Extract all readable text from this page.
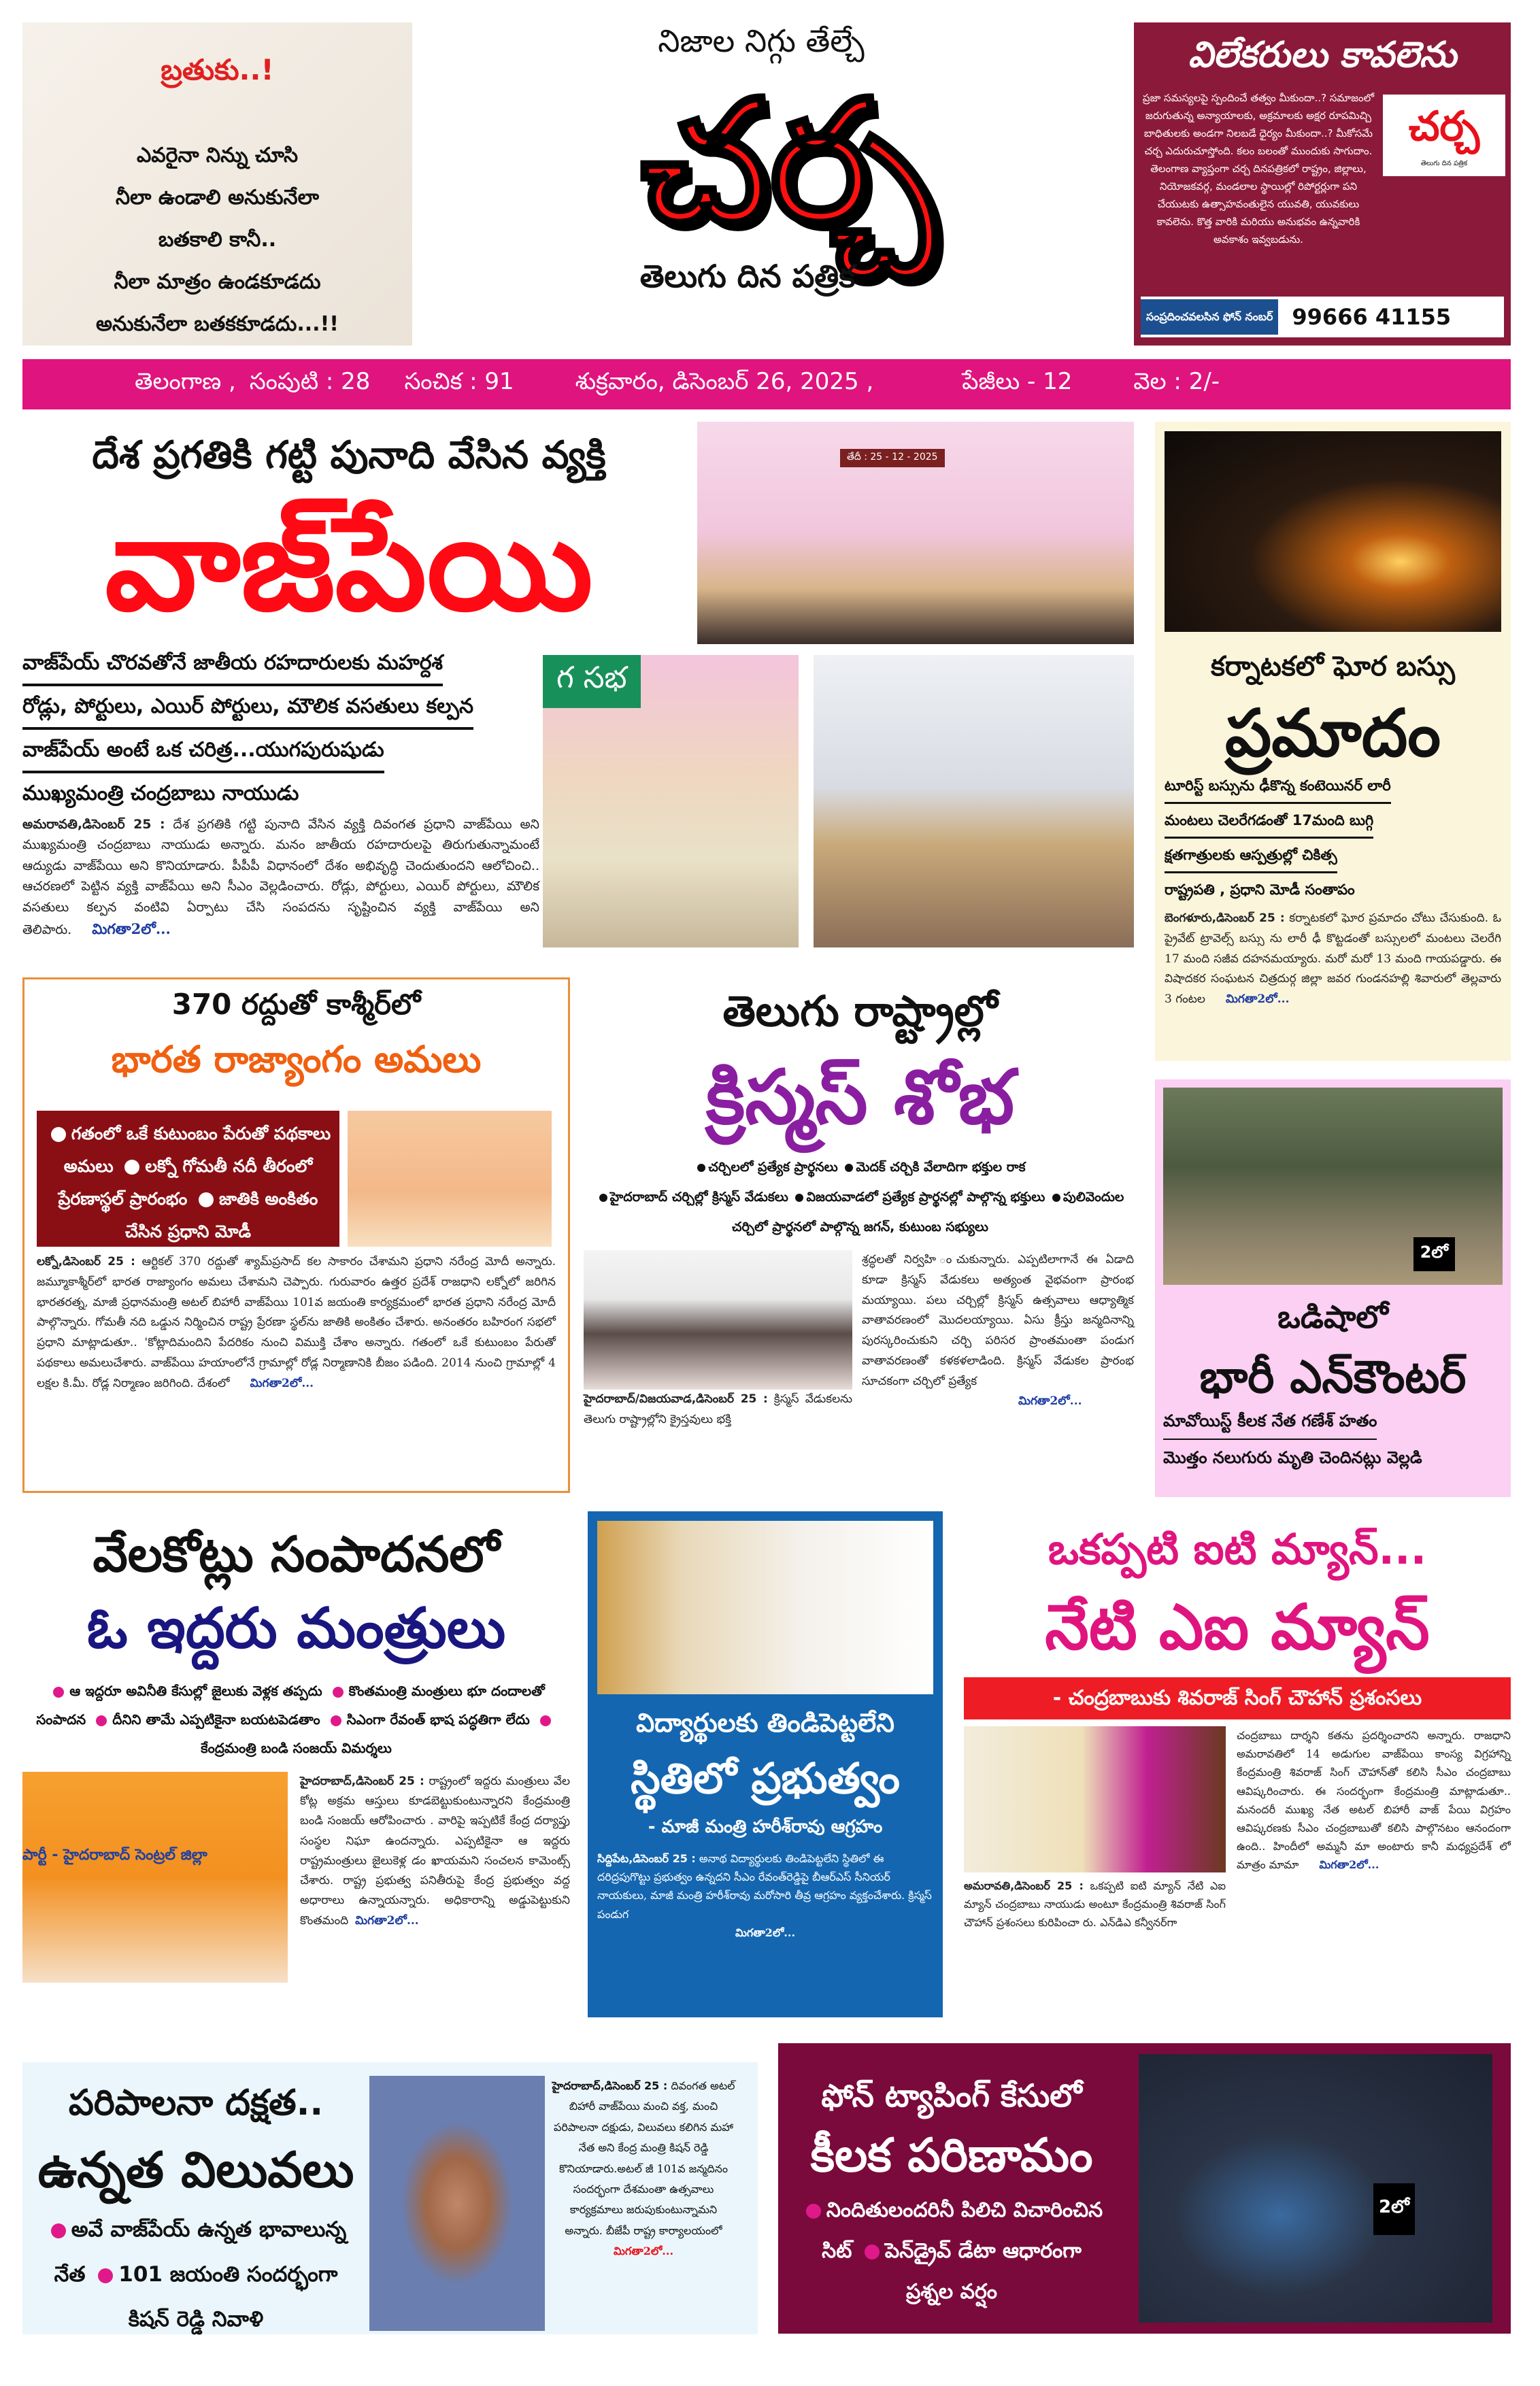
బ్రతుకు..!
ఎవరైనా నిన్ను చూసి
నీలా ఉండాలి అనుకునేలా
బతకాలి కానీ..
నీలా మాత్రం ఉండకూడదు
అనుకునేలా బతకకూడదు...!!
నిజాల నిగ్గు తేల్చే
చర్చ
తెలుగు దిన పత్రిక
విలేకరులు కావలెను
ప్రజా సమస్యలపై స్పందించే తత్వం మీకుందా..? సమాజంలో జరుగుతున్న అన్యాయాలకు, అక్రమాలకు అక్షర రూపమిచ్చి బాధితులకు అండగా నిలబడే ధైర్యం మీకుందా..? మీకోసమే చర్చ ఎదురుచూస్తోంది. కలం బలంతో ముందుకు సాగుదాం. తెలంగాణ వ్యాప్తంగా చర్చ దినపత్రికలో రాష్ట్రం, జిల్లాలు, నియోజకవర్గ, మండలాల స్థాయిల్లో రిపోర్టర్లుగా పని చేయుటకు ఉత్సాహవంతులైన యువతి, యువకులు కావలెను. కొత్త వారికి మరియు అనుభవం ఉన్నవారికి అవకాశం ఇవ్వబడును.
చర్చ
తెలుగు దిన పత్రిక
సంప్రదించవలసిన ఫోన్ నంబర్ 99666 41155
తెలంగాణ , సంపుటి : 28 సంచిక : 91	శుక్రవారం, డిసెంబర్ 26, 2025 ,	పేజీలు - 12	వెల : 2/-
దేశ ప్రగతికి గట్టి పునాది వేసిన వ్యక్తి
వాజ్‌పేయి
వాజ్‌పేయ్ చొరవతోనే జాతీయ రహదారులకు మహర్దశ
రోడ్లు, పోర్టులు, ఎయిర్ పోర్టులు, మౌలిక వసతులు కల్పన
వాజ్‌పేయ్ అంటే ఒక చరిత్ర...యుగపురుషుడు
ముఖ్యమంత్రి చంద్రబాబు నాయుడు
అమరావతి,డిసెంబర్ 25 : దేశ ప్రగతికి గట్టి పునాది వేసిన వ్యక్తి దివంగత ప్రధాని వాజ్‌పేయి అని ముఖ్యమంత్రి చంద్రబాబు నాయుడు అన్నారు. మనం జాతీయ రహదారులపై తిరుగుతున్నామంటే ఆద్యుడు వాజ్‌పేయి అని కొనియాడారు. పీపీపీ విధానంలో దేశం అభివృద్ధి చెందుతుందని ఆలోచించి.. ఆచరణలో పెట్టిన వ్యక్తి వాజ్‌పేయి అని సీఎం వెల్లడించారు. రోడ్లు, పోర్టులు, ఎయిర్ పోర్టులు, మౌలిక వసతులు కల్పన వంటివి ఏర్పాటు చేసి సంపదను సృష్టించిన వ్యక్తి వాజ్‌పేయి అని తెలిపారు. మిగతా2లో...
తేదీ : 25 - 12 - 2025
గ సభ	కర్నాటకలో ఘోర బస్సు
ప్రమాదం
టూరిస్ట్ బస్సును ఢీకొన్న కంటెయినర్ లారీ
మంటలు చెలరేగడంతో 17మంది బుగ్గి
క్షతగాత్రులకు ఆస్పత్రుల్లో చికిత్స
రాష్ట్రపతి , ప్రధాని మోడీ సంతాపం
బెంగళూరు,డిసెంబర్ 25 : కర్నాటకలో ఘోర ప్రమాదం చోటు చేసుకుంది. ఓ ప్రైవేట్ ట్రావెల్స్ బస్సు ను లారీ ఢీ కొట్టడంతో బస్సులలో మంటలు చెలరేగి 17 మంది సజీవ దహనమయ్యారు. మరో మరో 13 మంది గాయపడ్డారు. ఈ విషాదకర సంఘటన చిత్రదుర్గ జిల్లా జవర గుండనహల్లి శివారులో తెల్లవారు 3 గంటల మిగతా2లో...
370 రద్దుతో కాశ్మీర్‌లో
భారత రాజ్యాంగం అమలు
గతంలో ఒకే కుటుంబం పేరుతో పథకాలు అమలు లక్నో గోమతీ నదీ తీరంలో ప్రేరణాస్థల్ ప్రారంభం జాతికి అంకితం చేసిన ప్రధాని మోడీ
లక్నో,డిసెంబర్ 25 : ఆర్టికల్ 370 రద్దుతో శ్యామ్‌ప్రసాద్ కల సాకారం చేశామని ప్రధాని నరేంద్ర మోదీ అన్నారు. జమ్మూకాశ్మీర్‌లో భారత రాజ్యాంగం అమలు చేశామని చెప్పారు. గురువారం ఉత్తర ప్రదేశ్ రాజధాని లక్నోలో జరిగిన భారతరత్న, మాజీ ప్రధానమంత్రి అటల్ బిహారీ వాజ్‌పేయి 101వ జయంతి కార్యక్రమంలో భారత ప్రధాని నరేంద్ర మోదీ పాల్గొన్నారు. గోమతీ నది ఒడ్డున నిర్మించిన రాష్ట్ర ప్రేరణా స్థల్‌ను జాతికి అంకితం చేశారు. అనంతరం బహిరంగ సభలో ప్రధాని మాట్లాడుతూ.. 'కోట్లాదిమందిని పేదరికం నుంచి విముక్తి చేశాం అన్నారు. గతంలో ఒకే కుటుంబం పేరుతో పథకాలు అమలుచేశారు. వాజ్‌పేయి హయాంలోనే గ్రామాల్లో రోడ్ల నిర్మాణానికి బీజం పడింది. 2014 నుంచి గ్రామాల్లో 4 లక్షల కి.మీ. రోడ్ల నిర్మాణం జరిగింది. దేశంలో మిగతా2లో...
తెలుగు రాష్ట్రాల్లో
క్రిస్మస్ శోభ
చర్చిలలో ప్రత్యేక ప్రార్థనలు మెదక్ చర్చికి వేలాదిగా భక్తుల రాక
హైదరాబాద్ చర్చిల్లో క్రిస్మస్ వేడుకలు విజయవాడలో ప్రత్యేక ప్రార్థనల్లో పాల్గొన్న భక్తులు పులివెందుల చర్చిలో ప్రార్థనలో పాల్గొన్న జగన్, కుటుంబ సభ్యులు
హైదరాబాద్/విజయవాడ,డిసెంబర్ 25 : క్రిస్మస్ వేడుకలను తెలుగు రాష్ట్రాల్లోని క్రైస్తవులు భక్తి
శ్రద్ధలతో నిర్వహి ంచుకున్నారు. ఎప్పటిలాగానే ఈ ఏడాది కూడా క్రిస్మస్ వేడుకలు అత్యంత వైభవంగా ప్రారంభ మయ్యాయి. పలు చర్చిల్లో క్రిస్మస్ ఉత్సవాలు ఆధ్యాత్మిక వాతావరణంలో మొదలయ్యాయి. ఏసు క్రీస్తు జన్మదినాన్ని పురస్కరించుకుని చర్చి పరిసర ప్రాంతమంతా పండుగ వాతావరణంతో కళకళలాడింది. క్రిస్మస్ వేడుకల ప్రారంభ సూచకంగా చర్చిలో ప్రత్యేక
మిగతా2లో...
2లో
ఒడిషాలో
భారీ ఎన్‌కౌంటర్
మావోయిస్ట్ కీలక నేత గణేశ్ హతం
మొత్తం నలుగురు మృతి చెందినట్లు వెల్లడి
వేలకోట్లు సంపాదనలో
ఓ ఇద్దరు మంత్రులు
ఆ ఇద్దరూ అవినీతి కేసుల్లో జైలుకు వెళ్లక తప్పదు కొంతమంత్రి మంత్రులు భూ దందాలతో సంపాదన దీనిని తామే ఎప్పటికైనా బయటపెడతాం సిఎంగా రేవంత్ భాష పద్ధతిగా లేదు కేంద్రమంత్రి బండి సంజయ్ విమర్శలు
పార్టీ - హైదరాబాద్ సెంట్రల్ జిల్లా
హైదరాబాద్,డిసెంబర్ 25 : రాష్ట్రంలో ఇద్దరు మంత్రులు వేల కోట్ల అక్రమ ఆస్తులు కూడబెట్టుకుంటున్నారని కేంద్రమంత్రి బండి సంజయ్ ఆరోపించారు . వారిపై ఇప్పటికే కేంద్ర దర్యాప్తు సంస్థల నిఘా ఉందన్నారు. ఎప్పటికైనా ఆ ఇద్దరు రాష్ట్రమంత్రులు జైలుకెళ్ల డం ఖాయమని సంచలన కామెంట్స్ చేశారు. రాష్ట్ర ప్రభుత్వ పనితీరుపై కేంద్ర ప్రభుత్వం వద్ద అధారాలు ఉన్నాయన్నారు. అధికారాన్ని అడ్డుపెట్టుకుని కొంతమంది మిగతా2లో...
విద్యార్థులకు తిండిపెట్టలేని
స్థితిలో ప్రభుత్వం
- మాజీ మంత్రి హరీశ్‌రావు ఆగ్రహం
సిద్దిపేట,డిసెంబర్ 25 : అనాథ విద్యార్థులకు తిండిపెట్టలేని స్థితిలో ఈ దరిద్రపుగొట్టు ప్రభుత్వం ఉన్నదని సీఎం రేవంత్‌రెడ్డిపై బీఆర్‌ఎస్ సీనియర్ నాయకులు, మాజీ మంత్రి హరీశ్‌రావు మరోసారి తీవ్ర ఆగ్రహం వ్యక్తంచేశారు. క్రిస్మస్ పండుగ
మిగతా2లో...
ఒకప్పటి ఐటి మ్యాన్...
నేటి ఎఐ మ్యాన్
- చంద్రబాబుకు శివరాజ్ సింగ్ చౌహాన్ ప్రశంసలు
అమరావతి,డిసెంబర్ 25 : ఒకప్పటి ఐటి మ్యాన్ నేటి ఎఐ మ్యాన్ చంద్రబాబు నాయుడు అంటూ కేంద్రమంత్రి శివరాజ్ సింగ్ చౌహాన్ ప్రశంసలు కురిపించా రు. ఎన్‌డిఎ కన్వీనర్‌గా
చంద్రబాబు దార్శని కతను ప్రదర్శించారని అన్నారు. రాజధాని అమరావతిలో 14 అడుగుల వాజ్‌పేయి కాంస్య విగ్రహాన్ని కేంద్రమంత్రి శివరాజ్ సింగ్ చౌహాన్‌తో కలిసి సీఎం చంద్రబాబు ఆవిష్కరించారు. ఈ సందర్భంగా కేంద్రమంత్రి మాట్లాడుతూ.. మనందరీ ముఖ్య నేత అటల్ బిహారీ వాజ్ పేయి విగ్రహం ఆవిష్కరణకు సీఎం చంద్రబాబుతో కలిసి పాల్గొనటం ఆనందంగా ఉంది.. హిందీలో అమ్మనీ మా అంటారు కానీ మధ్యప్రదేశ్ లో మాత్రం మామా మిగతా2లో...
పరిపాలనా దక్షత..
ఉన్నత విలువలు
అవే వాజ్‌పేయ్ ఉన్నత భావాలున్న నేత 101 జయంతి సందర్భంగా కిషన్ రెడ్డి నివాళి
హైదరాబాద్,డిసెంబర్ 25 : దివంగత అటల్ బిహారీ వాజ్‌పేయి మంచి వక్త, మంచి పరిపాలనా దక్షుడు, విలువలు కలిగిన మహా నేత అని కేంద్ర మంత్రి కిషన్ రెడ్డి కొనియాడారు.అటల్ జీ 101వ జన్మదినం సందర్భంగా దేశమంతా ఉత్సవాలు కార్యక్రమాలు జరుపుకుంటున్నామని అన్నారు. బీజేపీ రాష్ట్ర కార్యాలయంలో
మిగతా2లో...
ఫోన్ ట్యాపింగ్ కేసులో
కీలక పరిణామం
నిందితులందరినీ పిలిచి విచారించిన సిట్ పెన్‌డ్రైవ్ డేటా ఆధారంగా ప్రశ్నల వర్షం
2లో
